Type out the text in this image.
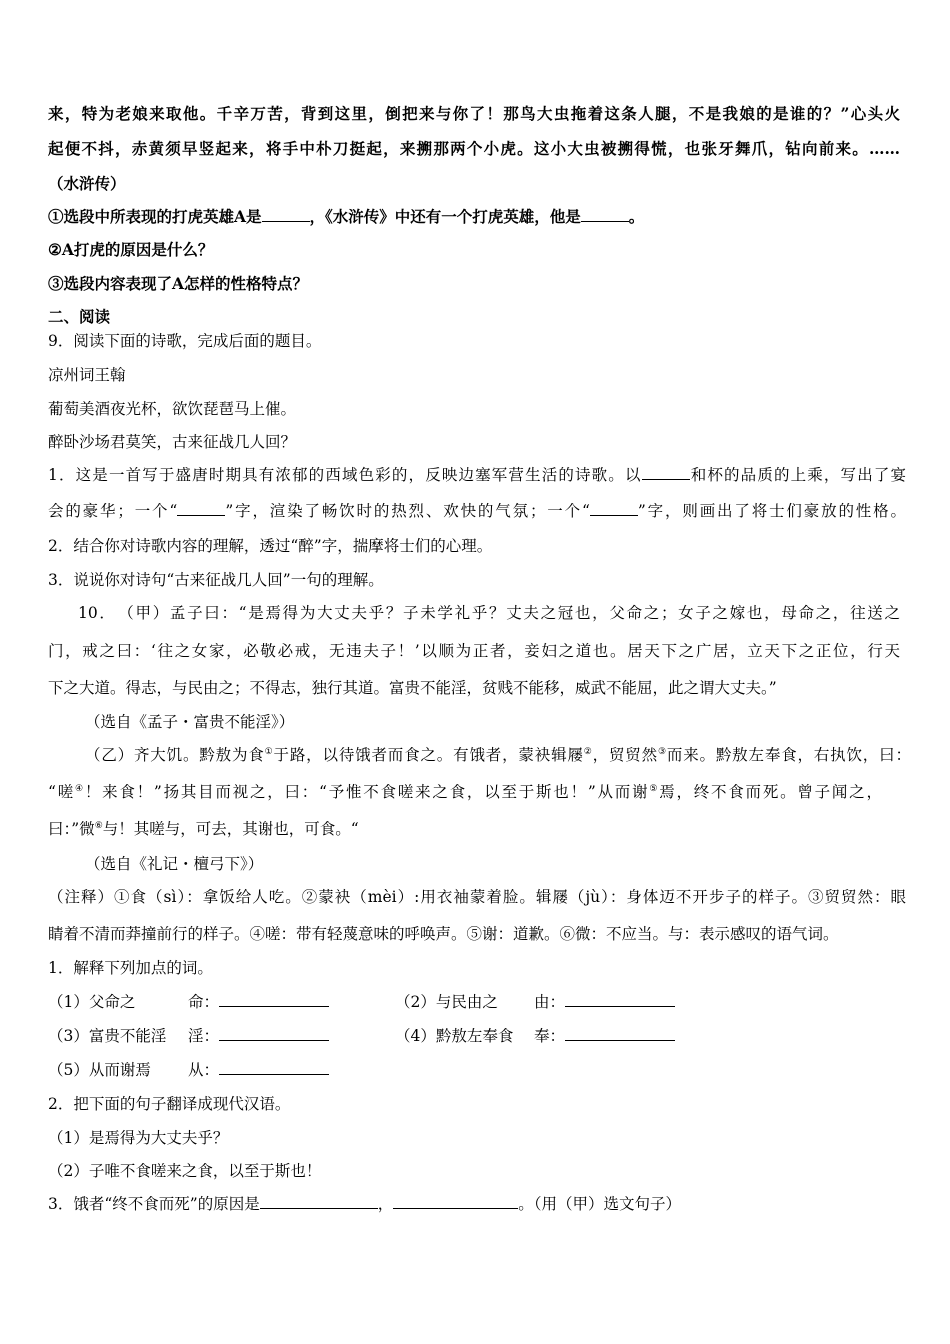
来，特为老娘来取他。千辛万苦，背到这里，倒把来与你了！那鸟大虫拖着这条人腿，不是我娘的是谁的？”心头火
起便不抖，赤黄须早竖起来，将手中朴刀挺起，来搠那两个小虎。这小大虫被搠得慌，也张牙舞爪，钻向前来。……
（水浒传）
①选段中所表现的打虎英雄A是	，《水浒传》中还有一个打虎英雄，他是	。
②A打虎的原因是什么？
③选段内容表现了A怎样的性格特点？
二、阅读
9．阅读下面的诗歌，完成后面的题目。
凉州词王翰
葡萄美酒夜光杯，欲饮琵琶马上催。
醉卧沙场君莫笑，古来征战几人回？
1．这是一首写于盛唐时期具有浓郁的西域色彩的，反映边塞军营生活的诗歌。以	和杯的品质的上乘，写出了宴
会的豪华；一个“	”字，渲染了畅饮时的热烈、欢快的气氛；一个“	”字，则画出了将士们豪放的性格。
2．结合你对诗歌内容的理解，透过“醉”字，揣摩将士们的心理。
3．说说你对诗句“古来征战几人回”一句的理解。
10．　（甲）孟子曰：“是焉得为大丈夫乎？子未学礼乎？丈夫之冠也，父命之；女子之嫁也，母命之，往送之
门，戒之曰：‘往之女家，必敬必戒，无违夫子！’以顺为正者，妾妇之道也。居天下之广居，立天下之正位，行天
下之大道。得志，与民由之；不得志，独行其道。富贵不能淫，贫贱不能移，威武不能屈，此之谓大丈夫。”
（选自《孟子・富贵不能淫》）
（乙）齐大饥。黔敖为食①于路，以待饿者而食之。有饿者，蒙袂辑屦②，贸贸然③而来。黔敖左奉食，右执饮，曰：
“嗟④！来食！”扬其目而视之，曰：“予惟不食嗟来之食，以至于斯也！”从而谢⑤焉，终不食而死。曾子闻之，
曰：”微⑥与！其嗟与，可去，其谢也，可食。“
（选自《礼记・檀弓下》）
（注释）①食（sì）：拿饭给人吃。②蒙袂（mèi）:用衣袖蒙着脸。辑屦（jù）：身体迈不开步子的样子。③贸贸然：眼
睛着不清而莽撞前行的样子。④嗟：带有轻蔑意味的呼唤声。⑤谢：道歉。⑥微：不应当。与：表示感叹的语气词。
1．解释下列加点的词。
（1）父命之	命：	（2）与民由之 由：
（3）富贵不能淫 淫：	（4）黔敖左奉食 奉：
（5）从而谢焉 从：
2．把下面的句子翻译成现代汉语。
（1）是焉得为大丈夫乎？
（2）子唯不食嗟来之食，以至于斯也！
3．饿者“终不食而死”的原因是	，	。（用（甲）选文句子）
